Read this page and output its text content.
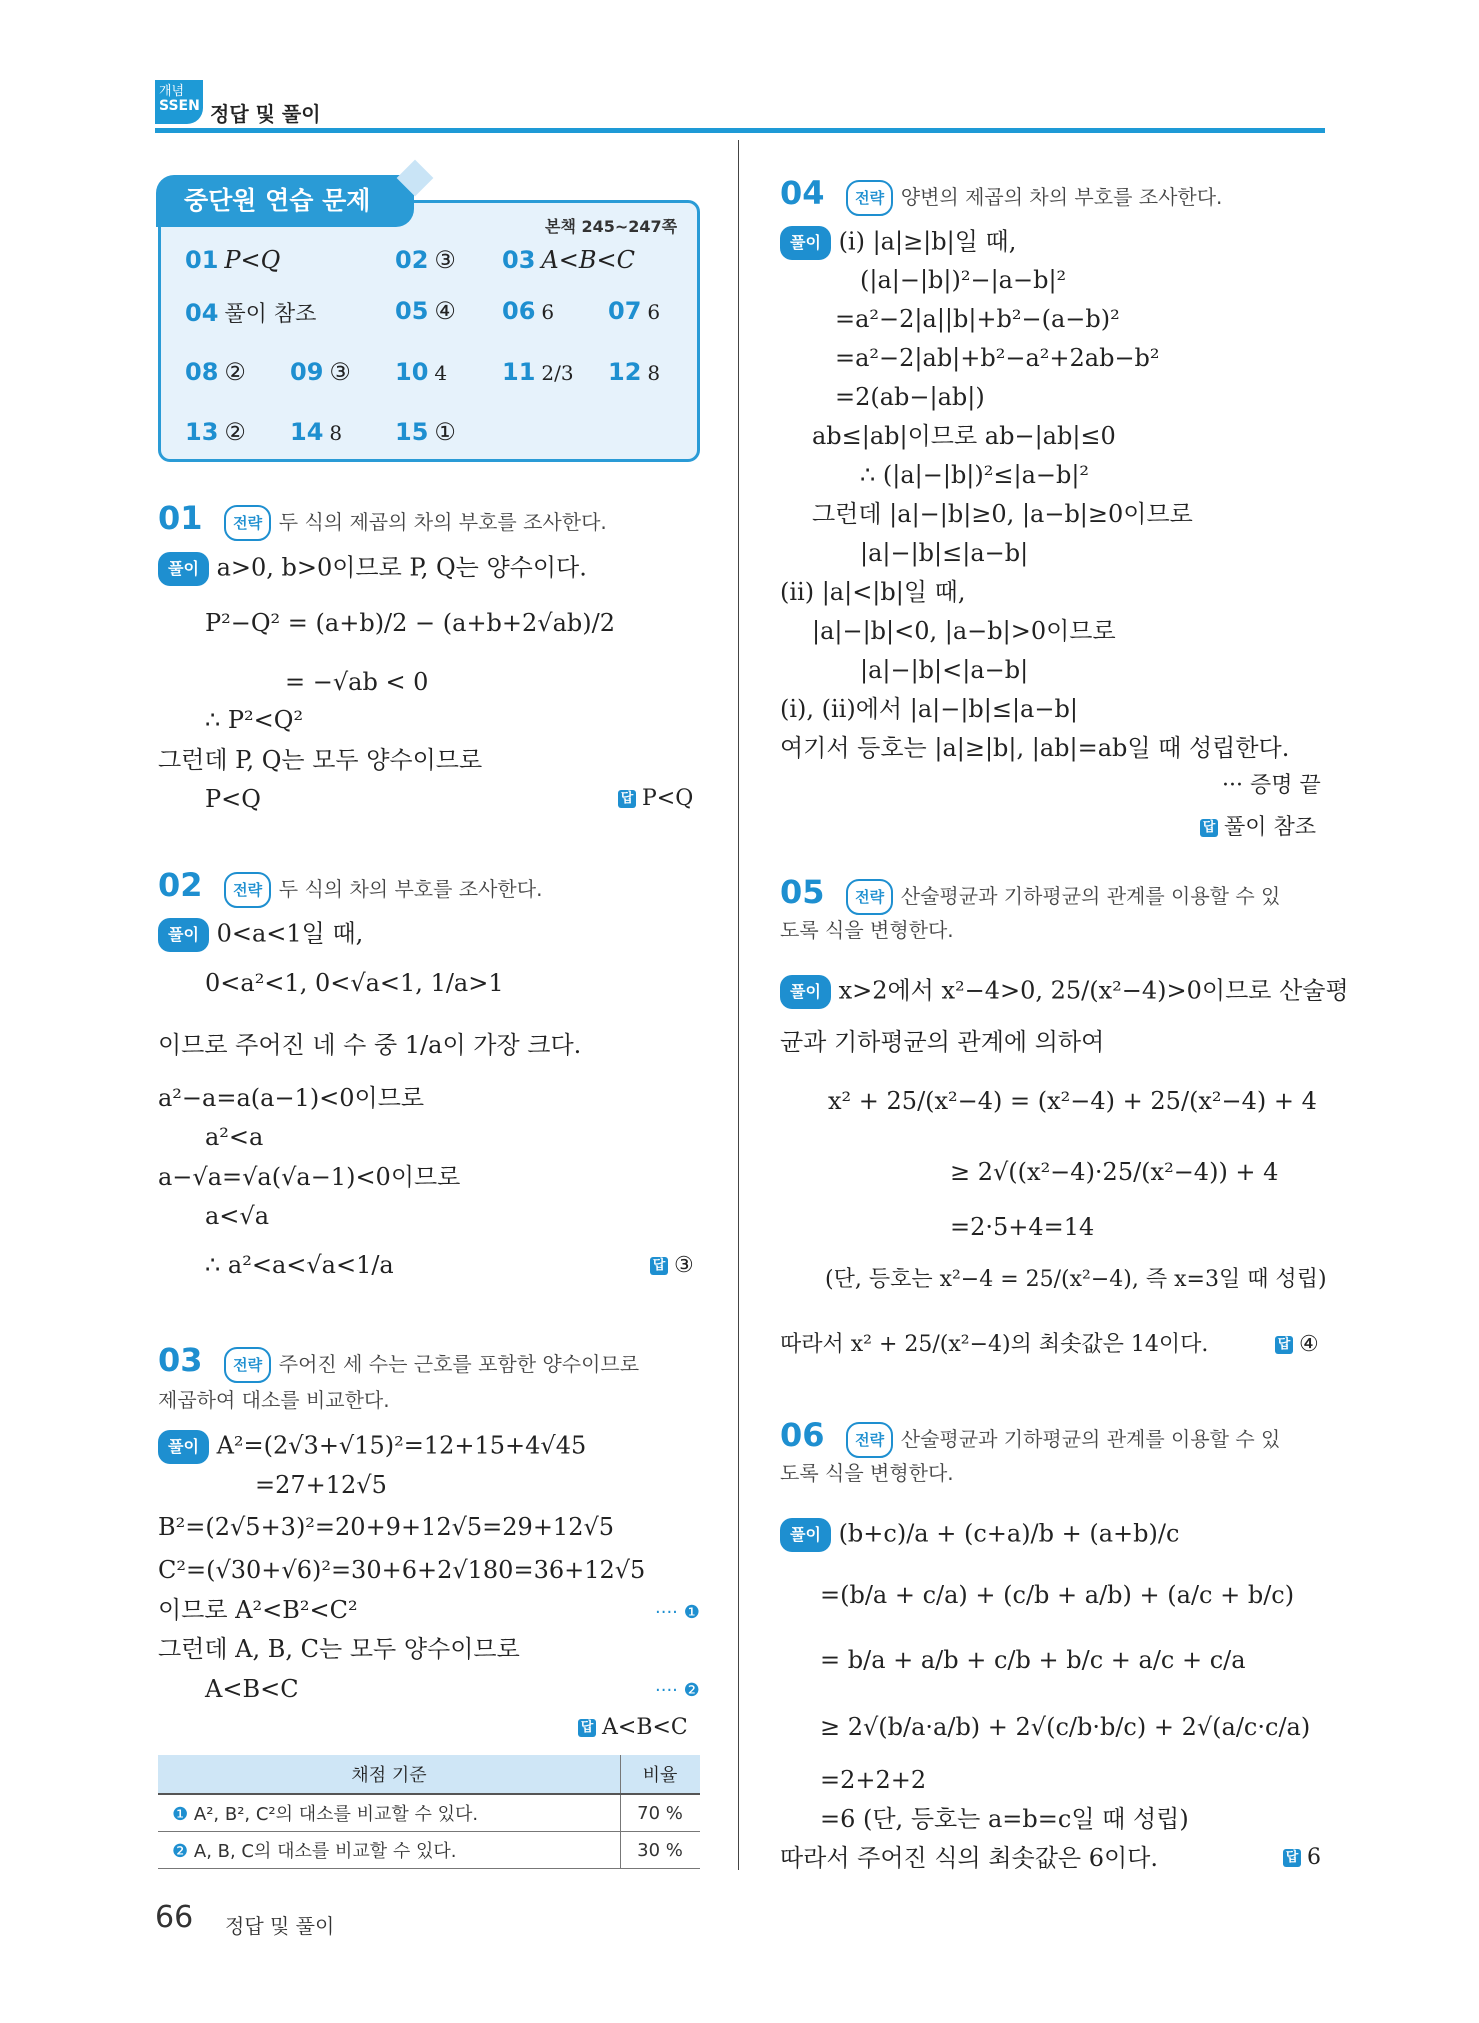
개념
SSEN 정답 및 풀이
중단원 연습 문제
본책 245~247쪽
01 P<Q	02 ③ 03 A<B<C
04 풀이 참조	05 ④ 06 6 07 6
08 ② 09 ③ 10 4 11 2/3 12 8
13 ② 14 8 15 ①
01 전략 두 식의 제곱의 차의 부호를 조사한다.
풀이 a>0, b>0이므로 P, Q는 양수이다.
P²−Q² = (a+b)/2 − (a+b+2√ab)/2
= −√ab < 0
∴ P²<Q²
그런데 P, Q는 모두 양수이므로
P<Q	답 P<Q
02 전략 두 식의 차의 부호를 조사한다.
풀이 0<a<1일 때,
0<a²<1, 0<√a<1, 1/a>1
이므로 주어진 네 수 중 1/a이 가장 크다.
a²−a=a(a−1)<0이므로
a²<a
a−√a=√a(√a−1)<0이므로
a<√a
∴ a²<a<√a<1/a	답 ③
03 전략 주어진 세 수는 근호를 포함한 양수이므로
제곱하여 대소를 비교한다.
풀이 A²=(2√3+√15)²=12+15+4√45
=27+12√5
B²=(2√5+3)²=20+9+12√5=29+12√5
C²=(√30+√6)²=30+6+2√180=36+12√5
이므로 A²<B²<C²	···· ❶
그런데 A, B, C는 모두 양수이므로
A<B<C	···· ❷
답 A<B<C
채점 기준	비율
❶ A², B², C²의 대소를 비교할 수 있다.	70 %
❷ A, B, C의 대소를 비교할 수 있다.	30 %
04 전략 양변의 제곱의 차의 부호를 조사한다.
풀이 (ⅰ) |a|≥|b|일 때,
(|a|−|b|)²−|a−b|²
=a²−2|a||b|+b²−(a−b)²
=a²−2|ab|+b²−a²+2ab−b²
=2(ab−|ab|)
ab≤|ab|이므로 ab−|ab|≤0
∴ (|a|−|b|)²≤|a−b|²
그런데 |a|−|b|≥0, |a−b|≥0이므로
|a|−|b|≤|a−b|
(ⅱ) |a|<|b|일 때,
|a|−|b|<0, |a−b|>0이므로
|a|−|b|<|a−b|
(ⅰ), (ⅱ)에서 |a|−|b|≤|a−b|
여기서 등호는 |a|≥|b|, |ab|=ab일 때 성립한다.
··· 증명 끝
답 풀이 참조
05 전략 산술평균과 기하평균의 관계를 이용할 수 있
도록 식을 변형한다.
풀이 x>2에서 x²−4>0, 25/(x²−4)>0이므로 산술평
균과 기하평균의 관계에 의하여
x² + 25/(x²−4) = (x²−4) + 25/(x²−4) + 4
≥ 2√((x²−4)·25/(x²−4)) + 4
=2·5+4=14
(단, 등호는 x²−4 = 25/(x²−4), 즉 x=3일 때 성립)
따라서 x² + 25/(x²−4)의 최솟값은 14이다.	답 ④
06 전략 산술평균과 기하평균의 관계를 이용할 수 있
도록 식을 변형한다.
풀이 (b+c)/a + (c+a)/b + (a+b)/c
=(b/a + c/a) + (c/b + a/b) + (a/c + b/c)
= b/a + a/b + c/b + b/c + a/c + c/a
≥ 2√(b/a·a/b) + 2√(c/b·b/c) + 2√(a/c·c/a)
=2+2+2
=6 (단, 등호는 a=b=c일 때 성립)
따라서 주어진 식의 최솟값은 6이다.	답 6
66 정답 및 풀이
